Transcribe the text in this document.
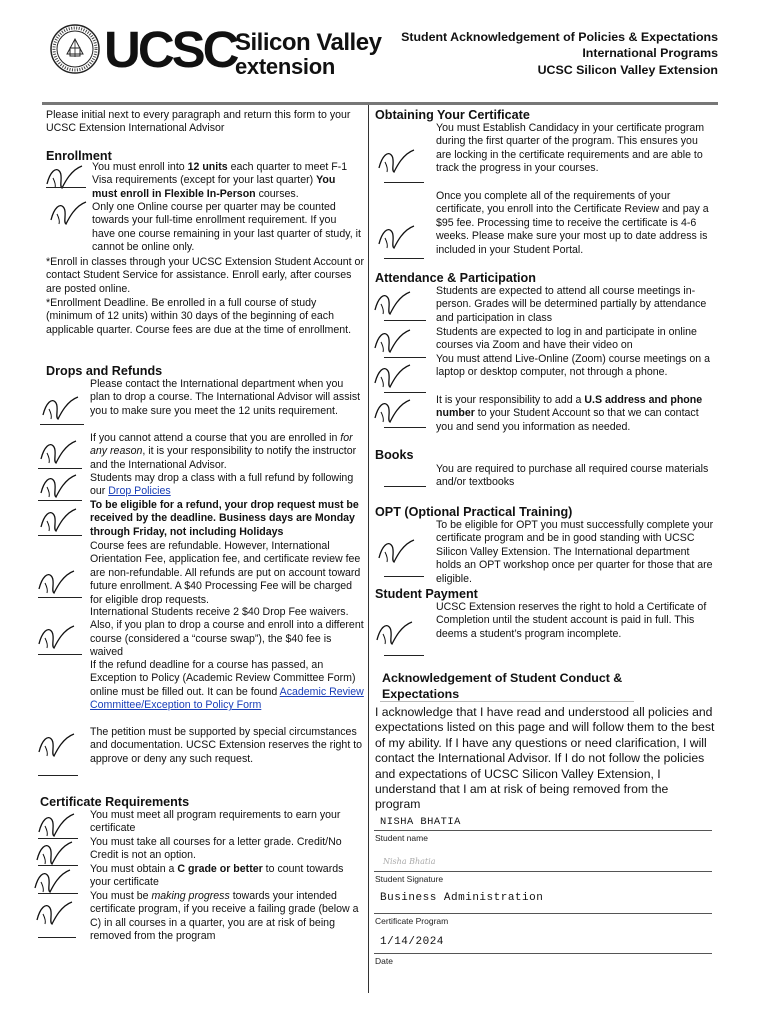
UCSC
Silicon Valley
extension
Student Acknowledgement of Policies & Expectations
International Programs
UCSC Silicon Valley Extension
Please initial next to every paragraph and return this form to your UCSC Extension International Advisor
Enrollment
You must enroll into 12 units each quarter to meet F-1 Visa requirements (except for your last quarter) You must enroll in Flexible In-Person courses.
Only one Online course per quarter may be counted towards your full-time enrollment requirement. If you have one course remaining in your last quarter of study, it cannot be online only.
*Enroll in classes through your UCSC Extension Student Account or contact Student Service for assistance. Enroll early, after courses are posted online.
*Enrollment Deadline. Be enrolled in a full course of study (minimum of 12 units) within 30 days of the beginning of each applicable quarter. Course fees are due at the time of enrollment.
Drops and Refunds
Please contact the International department when you plan to drop a course. The International Advisor will assist you to make sure you meet the 12 units requirement.
If you cannot attend a course that you are enrolled in for any reason, it is your responsibility to notify the instructor and the International Advisor.
Students may drop a class with a full refund by following our Drop Policies
To be eligible for a refund, your drop request must be received by the deadline. Business days are Monday through Friday, not including Holidays
Course fees are refundable. However, International Orientation Fee, application fee, and certificate review fee are non-refundable. All refunds are put on account toward future enrollment. A $40 Processing Fee will be charged for eligible drop requests.
International Students receive 2 $40 Drop Fee waivers. Also, if you plan to drop a course and enroll into a different course (considered a “course swap”), the $40 fee is waived
If the refund deadline for a course has passed, an Exception to Policy (Academic Review Committee Form) online must be filled out. It can be found Academic Review Committee/Exception to Policy Form
The petition must be supported by special circumstances and documentation. UCSC Extension reserves the right to approve or deny any such request.
Certificate Requirements
You must meet all program requirements to earn your certificate
You must take all courses for a letter grade. Credit/No Credit is not an option.
You must obtain a C grade or better to count towards your certificate
You must be making progress towards your intended certificate program, if you receive a failing grade (below a C) in all courses in a quarter, you are at risk of being removed from the program
Obtaining Your Certificate
You must Establish Candidacy in your certificate program during the first quarter of the program. This ensures you are locking in the certificate requirements and are able to track the progress in your courses.
Once you complete all of the requirements of your certificate, you enroll into the Certificate Review and pay a $95 fee. Processing time to receive the certificate is 4-6 weeks. Please make sure your most up to date address is included in your Student Portal.
Attendance & Participation
Students are expected to attend all course meetings in-person. Grades will be determined partially by attendance and participation in class
Students are expected to log in and participate in online courses via Zoom and have their video on
You must attend Live-Online (Zoom) course meetings on a laptop or desktop computer, not through a phone.
It is your responsibility to add a U.S address and phone number to your Student Account so that we can contact you and send you information as needed.
Books
You are required to purchase all required course materials and/or textbooks
OPT (Optional Practical Training)
To be eligible for OPT you must successfully complete your certificate program and be in good standing with UCSC Silicon Valley Extension. The International department holds an OPT workshop once per quarter for those that are eligible.
Student Payment
UCSC Extension reserves the right to hold a Certificate of Completion until the student account is paid in full. This deems a student’s program incomplete.
Acknowledgement of Student Conduct & Expectations
I acknowledge that I have read and understood all policies and expectations listed on this page and will follow them to the best of my ability. If I have any questions or need clarification, I will contact the International Advisor. If I do not follow the policies and expectations of UCSC Silicon Valley Extension, I understand that I am at risk of being removed from the program
NISHA BHATIA
Student name
Nisha Bhatia
Student Signature
Business Administration
Certificate Program
1/14/2024
Date
